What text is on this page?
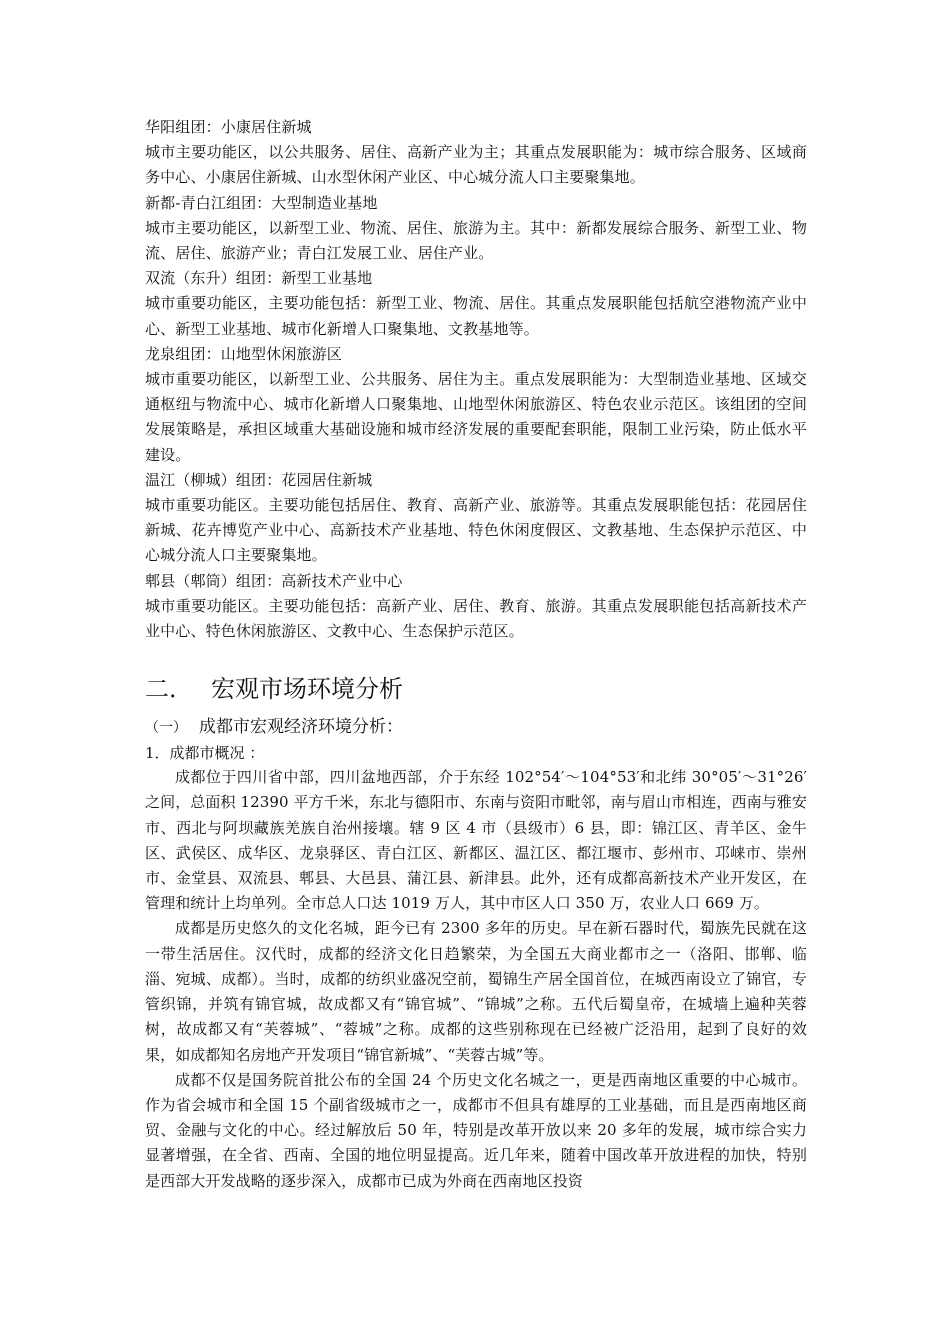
华阳组团：小康居住新城

城市主要功能区，以公共服务、居住、高新产业为主；其重点发展职能为：城市综合服务、区域商务中心、小康居住新城、山水型休闲产业区、中心城分流人口主要聚集地。

新都-青白江组团：大型制造业基地

城市主要功能区，以新型工业、物流、居住、旅游为主。其中：新都发展综合服务、新型工业、物流、居住、旅游产业；青白江发展工业、居住产业。

双流（东升）组团：新型工业基地

城市重要功能区，主要功能包括：新型工业、物流、居住。其重点发展职能包括航空港物流产业中心、新型工业基地、城市化新增人口聚集地、文教基地等。

龙泉组团：山地型休闲旅游区

城市重要功能区，以新型工业、公共服务、居住为主。重点发展职能为：大型制造业基地、区域交通枢纽与物流中心、城市化新增人口聚集地、山地型休闲旅游区、特色农业示范区。该组团的空间发展策略是，承担区域重大基础设施和城市经济发展的重要配套职能，限制工业污染，防止低水平建设。

温江（柳城）组团：花园居住新城

城市重要功能区。主要功能包括居住、教育、高新产业、旅游等。其重点发展职能包括：花园居住新城、花卉博览产业中心、高新技术产业基地、特色休闲度假区、文教基地、生态保护示范区、中心城分流人口主要聚集地。

郫县（郫筒）组团：高新技术产业中心

城市重要功能区。主要功能包括：高新产业、居住、教育、旅游。其重点发展职能包括高新技术产业中心、特色休闲旅游区、文教中心、生态保护示范区。

二． 宏观市场环境分析
（一） 成都市宏观经济环境分析：
1．成都市概况 ：

成都位于四川省中部，四川盆地西部，介于东经 102°54′～104°53′和北纬 30°05′～31°26′之间，总面积 12390 平方千米，东北与德阳市、东南与资阳市毗邻，南与眉山市相连，西南与雅安市、西北与阿坝藏族羌族自治州接壤。辖 9 区 4 市（县级市）6 县，即：锦江区、青羊区、金牛区、武侯区、成华区、龙泉驿区、青白江区、新都区、温江区、都江堰市、彭州市、邛崃市、崇州市、金堂县、双流县、郫县、大邑县、蒲江县、新津县。此外，还有成都高新技术产业开发区，在管理和统计上均单列。全市总人口达 1019 万人，其中市区人口 350 万，农业人口 669 万。

成都是历史悠久的文化名城，距今已有 2300 多年的历史。早在新石器时代，蜀族先民就在这一带生活居住。汉代时，成都的经济文化日趋繁荣，为全国五大商业都市之一（洛阳、邯郸、临淄、宛城、成都）。当时，成都的纺织业盛况空前，蜀锦生产居全国首位，在城西南设立了锦官，专管织锦，并筑有锦官城，故成都又有“锦官城”、“锦城”之称。五代后蜀皇帝，在城墙上遍种芙蓉树，故成都又有“芙蓉城”、“蓉城”之称。成都的这些别称现在已经被广泛沿用，起到了良好的效果，如成都知名房地产开发项目“锦官新城”、“芙蓉古城”等。

成都不仅是国务院首批公布的全国 24 个历史文化名城之一，更是西南地区重要的中心城市。作为省会城市和全国 15 个副省级城市之一，成都市不但具有雄厚的工业基础，而且是西南地区商贸、金融与文化的中心。经过解放后 50 年，特别是改革开放以来 20 多年的发展，城市综合实力显著增强，在全省、西南、全国的地位明显提高。近几年来，随着中国改革开放进程的加快，特别是西部大开发战略的逐步深入，成都市已成为外商在西南地区投资
